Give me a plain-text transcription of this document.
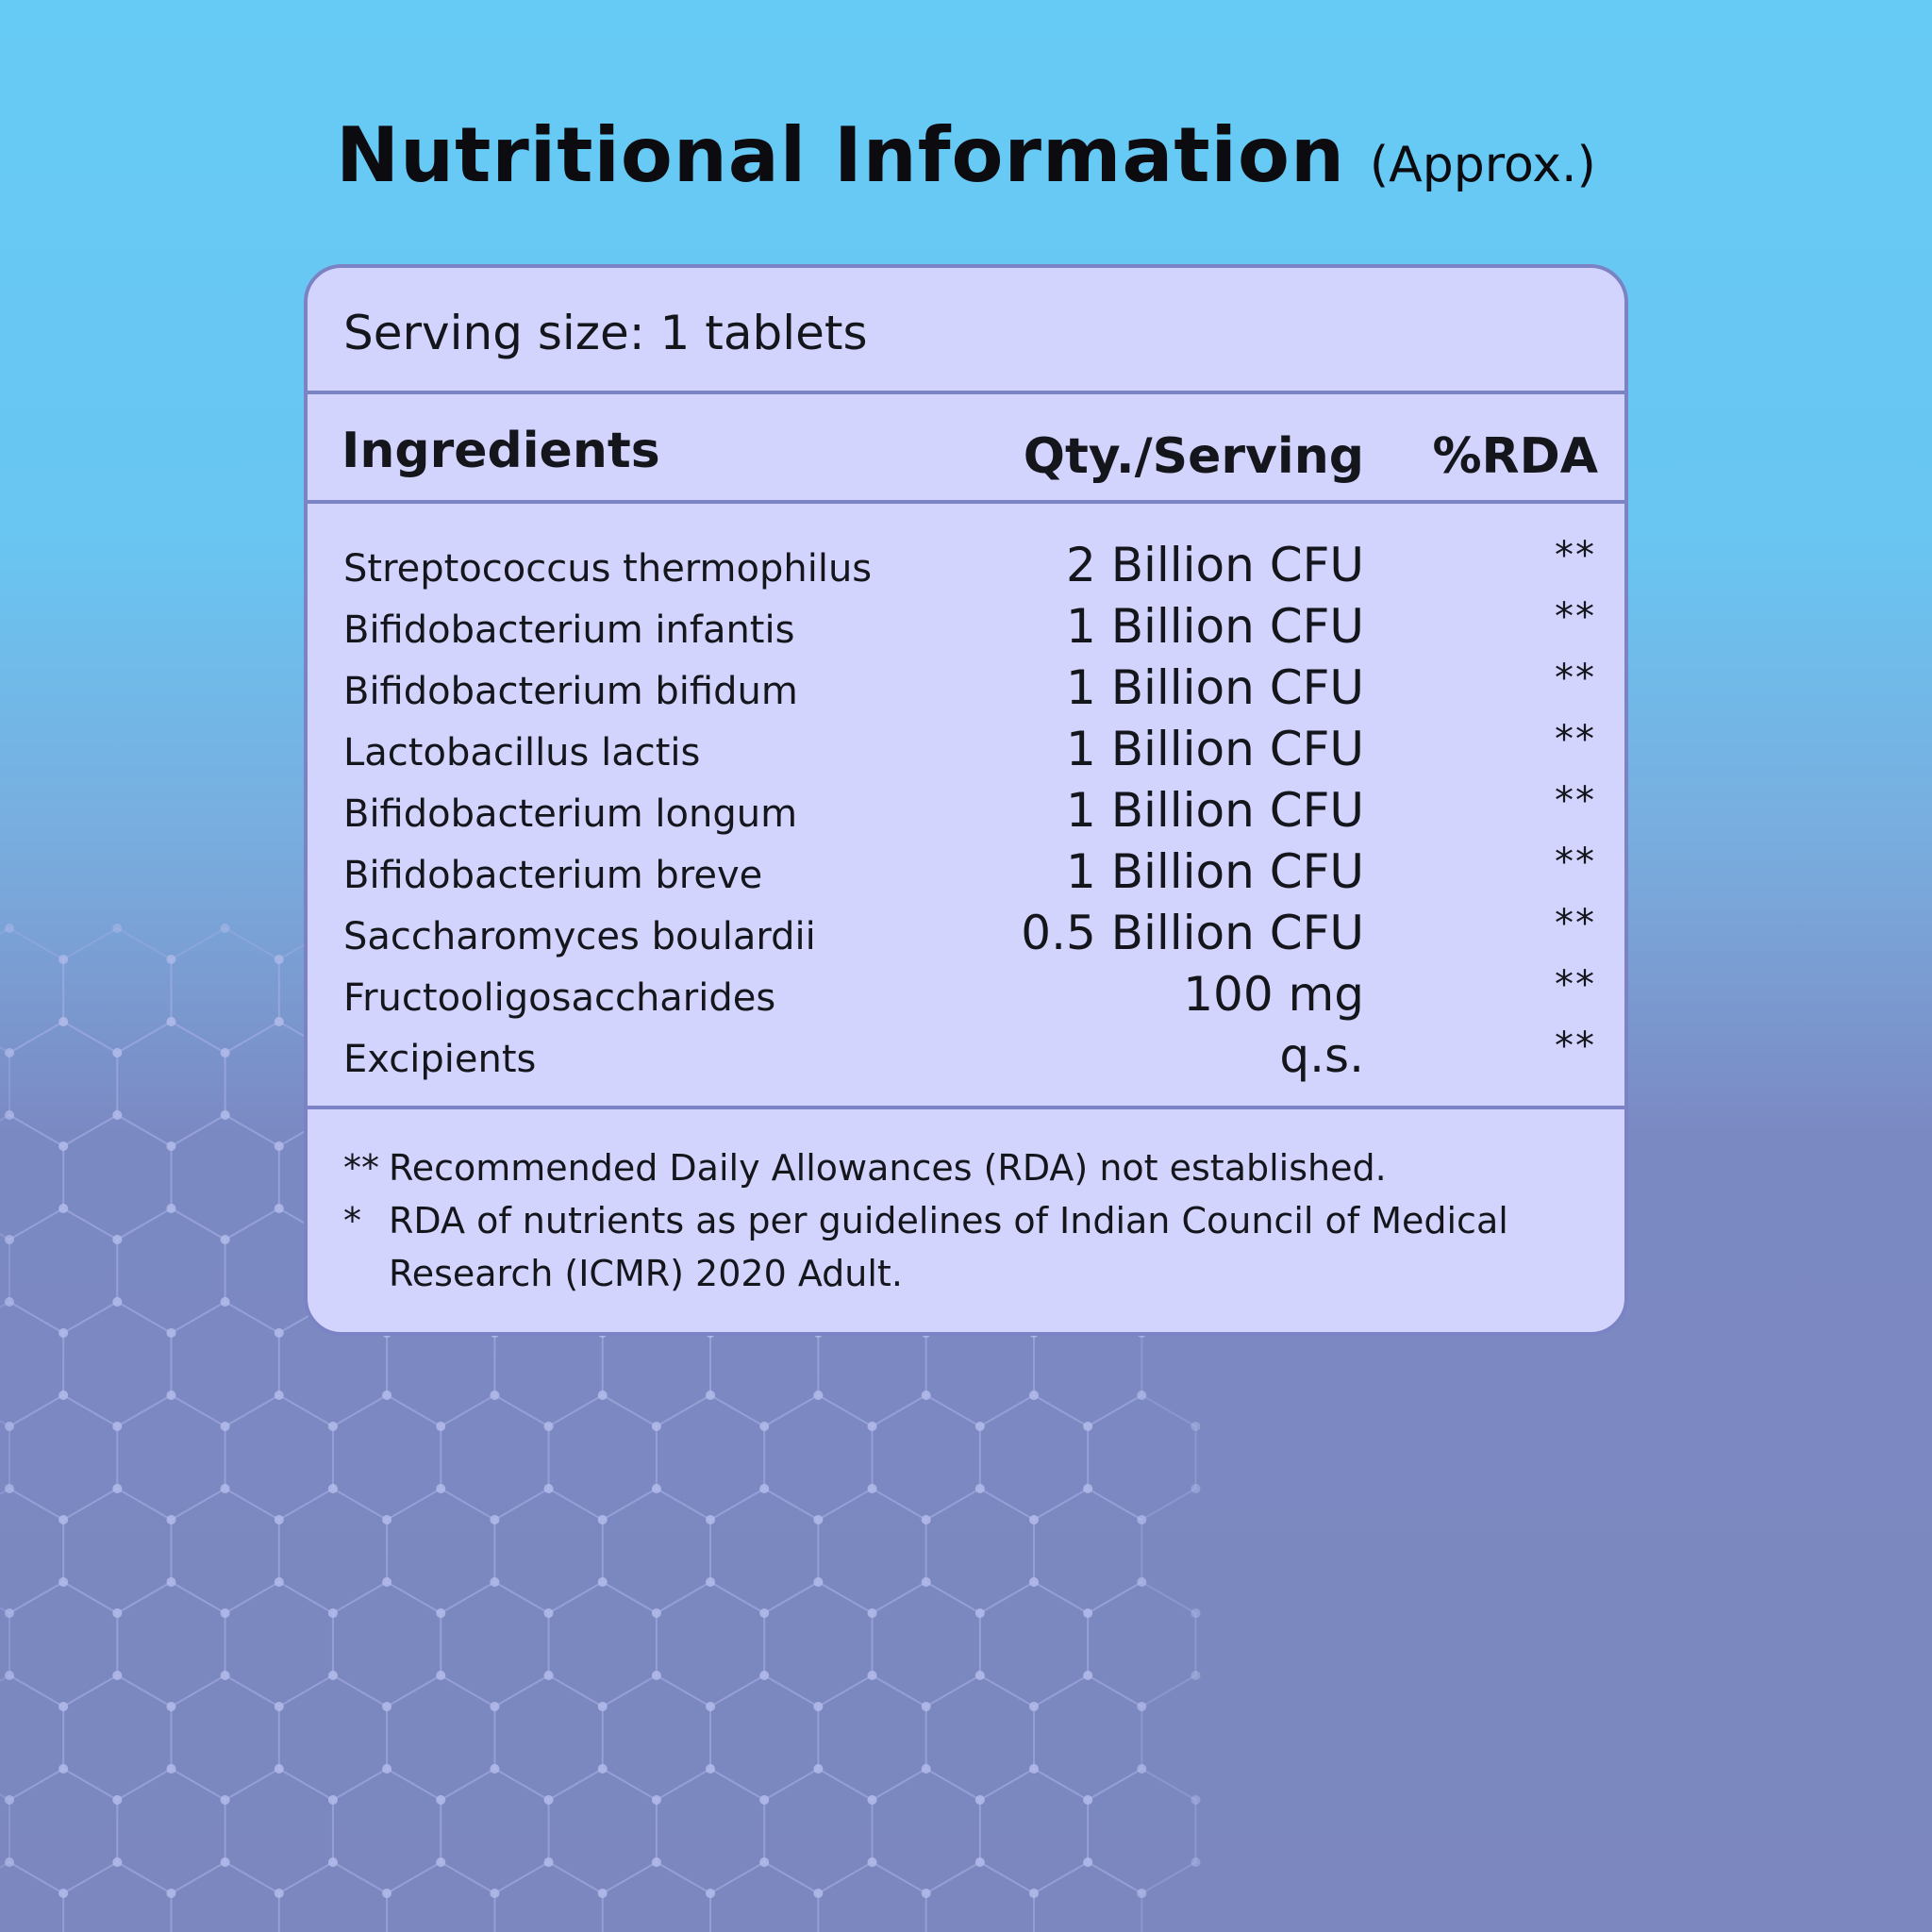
Nutritional Information (Approx.)
Serving size: 1 tablets
Ingredients	Qty./Serving %RDA
Streptococcus thermophilus	2 Billion CFU	**
Bifidobacterium infantis	1 Billion CFU	**
Bifidobacterium bifidum	1 Billion CFU	**
Lactobacillus lactis	1 Billion CFU	**
Bifidobacterium longum	1 Billion CFU	**
Bifidobacterium breve	1 Billion CFU	**
Saccharomyces boulardii	0.5 Billion CFU	**
Fructooligosaccharides	100 mg	**
Excipients	q.s.	**
** Recommended Daily Allowances (RDA) not established.
* RDA of nutrients as per guidelines of Indian Council of Medical Research (ICMR) 2020 Adult.
